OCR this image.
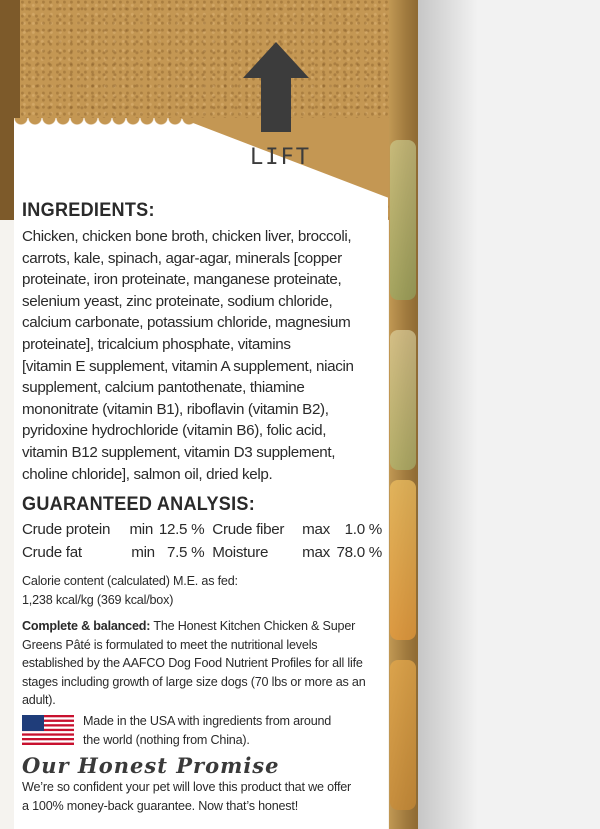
LIFT
INGREDIENTS:
Chicken, chicken bone broth, chicken liver, broccoli,
carrots, kale, spinach, agar-agar, minerals [copper
proteinate, iron proteinate, manganese proteinate,
selenium yeast, zinc proteinate, sodium chloride,
calcium carbonate, potassium chloride, magnesium
proteinate], tricalcium phosphate, vitamins
[vitamin E supplement, vitamin A supplement, niacin
supplement, calcium pantothenate, thiamine
mononitrate (vitamin B1), riboflavin (vitamin B2),
pyridoxine hydrochloride (vitamin B6), folic acid,
vitamin B12 supplement, vitamin D3 supplement,
choline chloride], salmon oil, dried kelp.
GUARANTEED ANALYSIS:
Crude protein	min	12.5 %	Crude fiber	max	1.0 %
Crude fat	min	7.5 %	Moisture	max	78.0 %
Calorie content (calculated) M.E. as fed:
1,238 kcal/kg (369 kcal/box)
Complete & balanced: The Honest Kitchen Chicken & Super Greens Pâté is formulated to meet the nutritional levels established by the AAFCO Dog Food Nutrient Profiles for all life stages including growth of large size dogs (70 lbs or more as an adult).
Made in the USA with ingredients from around
the world (nothing from China).
Our Honest Promise
We’re so confident your pet will love this product that we offer
a 100% money-back guarantee. Now that’s honest!
